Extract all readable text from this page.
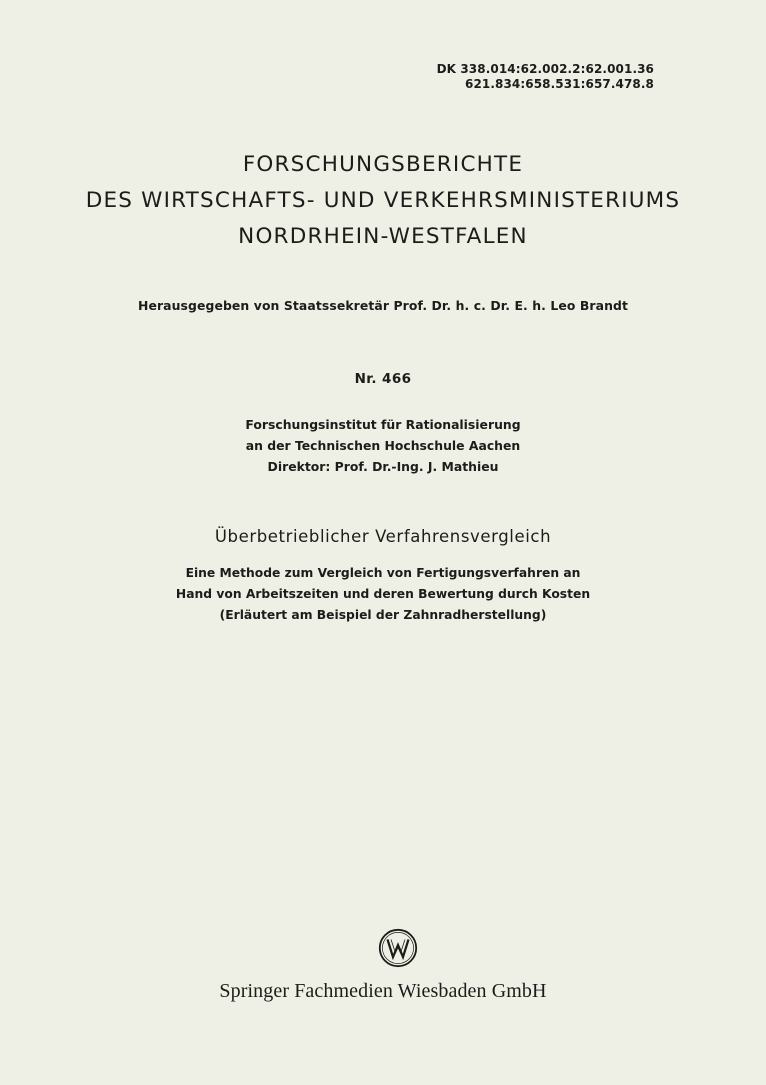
DK 338.014:62.002.2:62.001.36
621.834:658.531:657.478.8
FORSCHUNGSBERICHTE
DES WIRTSCHAFTS- UND VERKEHRSMINISTERIUMS
NORDRHEIN-WESTFALEN
Herausgegeben von Staatssekretär Prof. Dr. h. c. Dr. E. h. Leo Brandt
Nr. 466
Forschungsinstitut für Rationalisierung
an der Technischen Hochschule Aachen
Direktor: Prof. Dr.-Ing. J. Mathieu
Überbetrieblicher Verfahrensvergleich
Eine Methode zum Vergleich von Fertigungsverfahren an
Hand von Arbeitszeiten und deren Bewertung durch Kosten
(Erläutert am Beispiel der Zahnradherstellung)
Springer Fachmedien Wiesbaden GmbH
